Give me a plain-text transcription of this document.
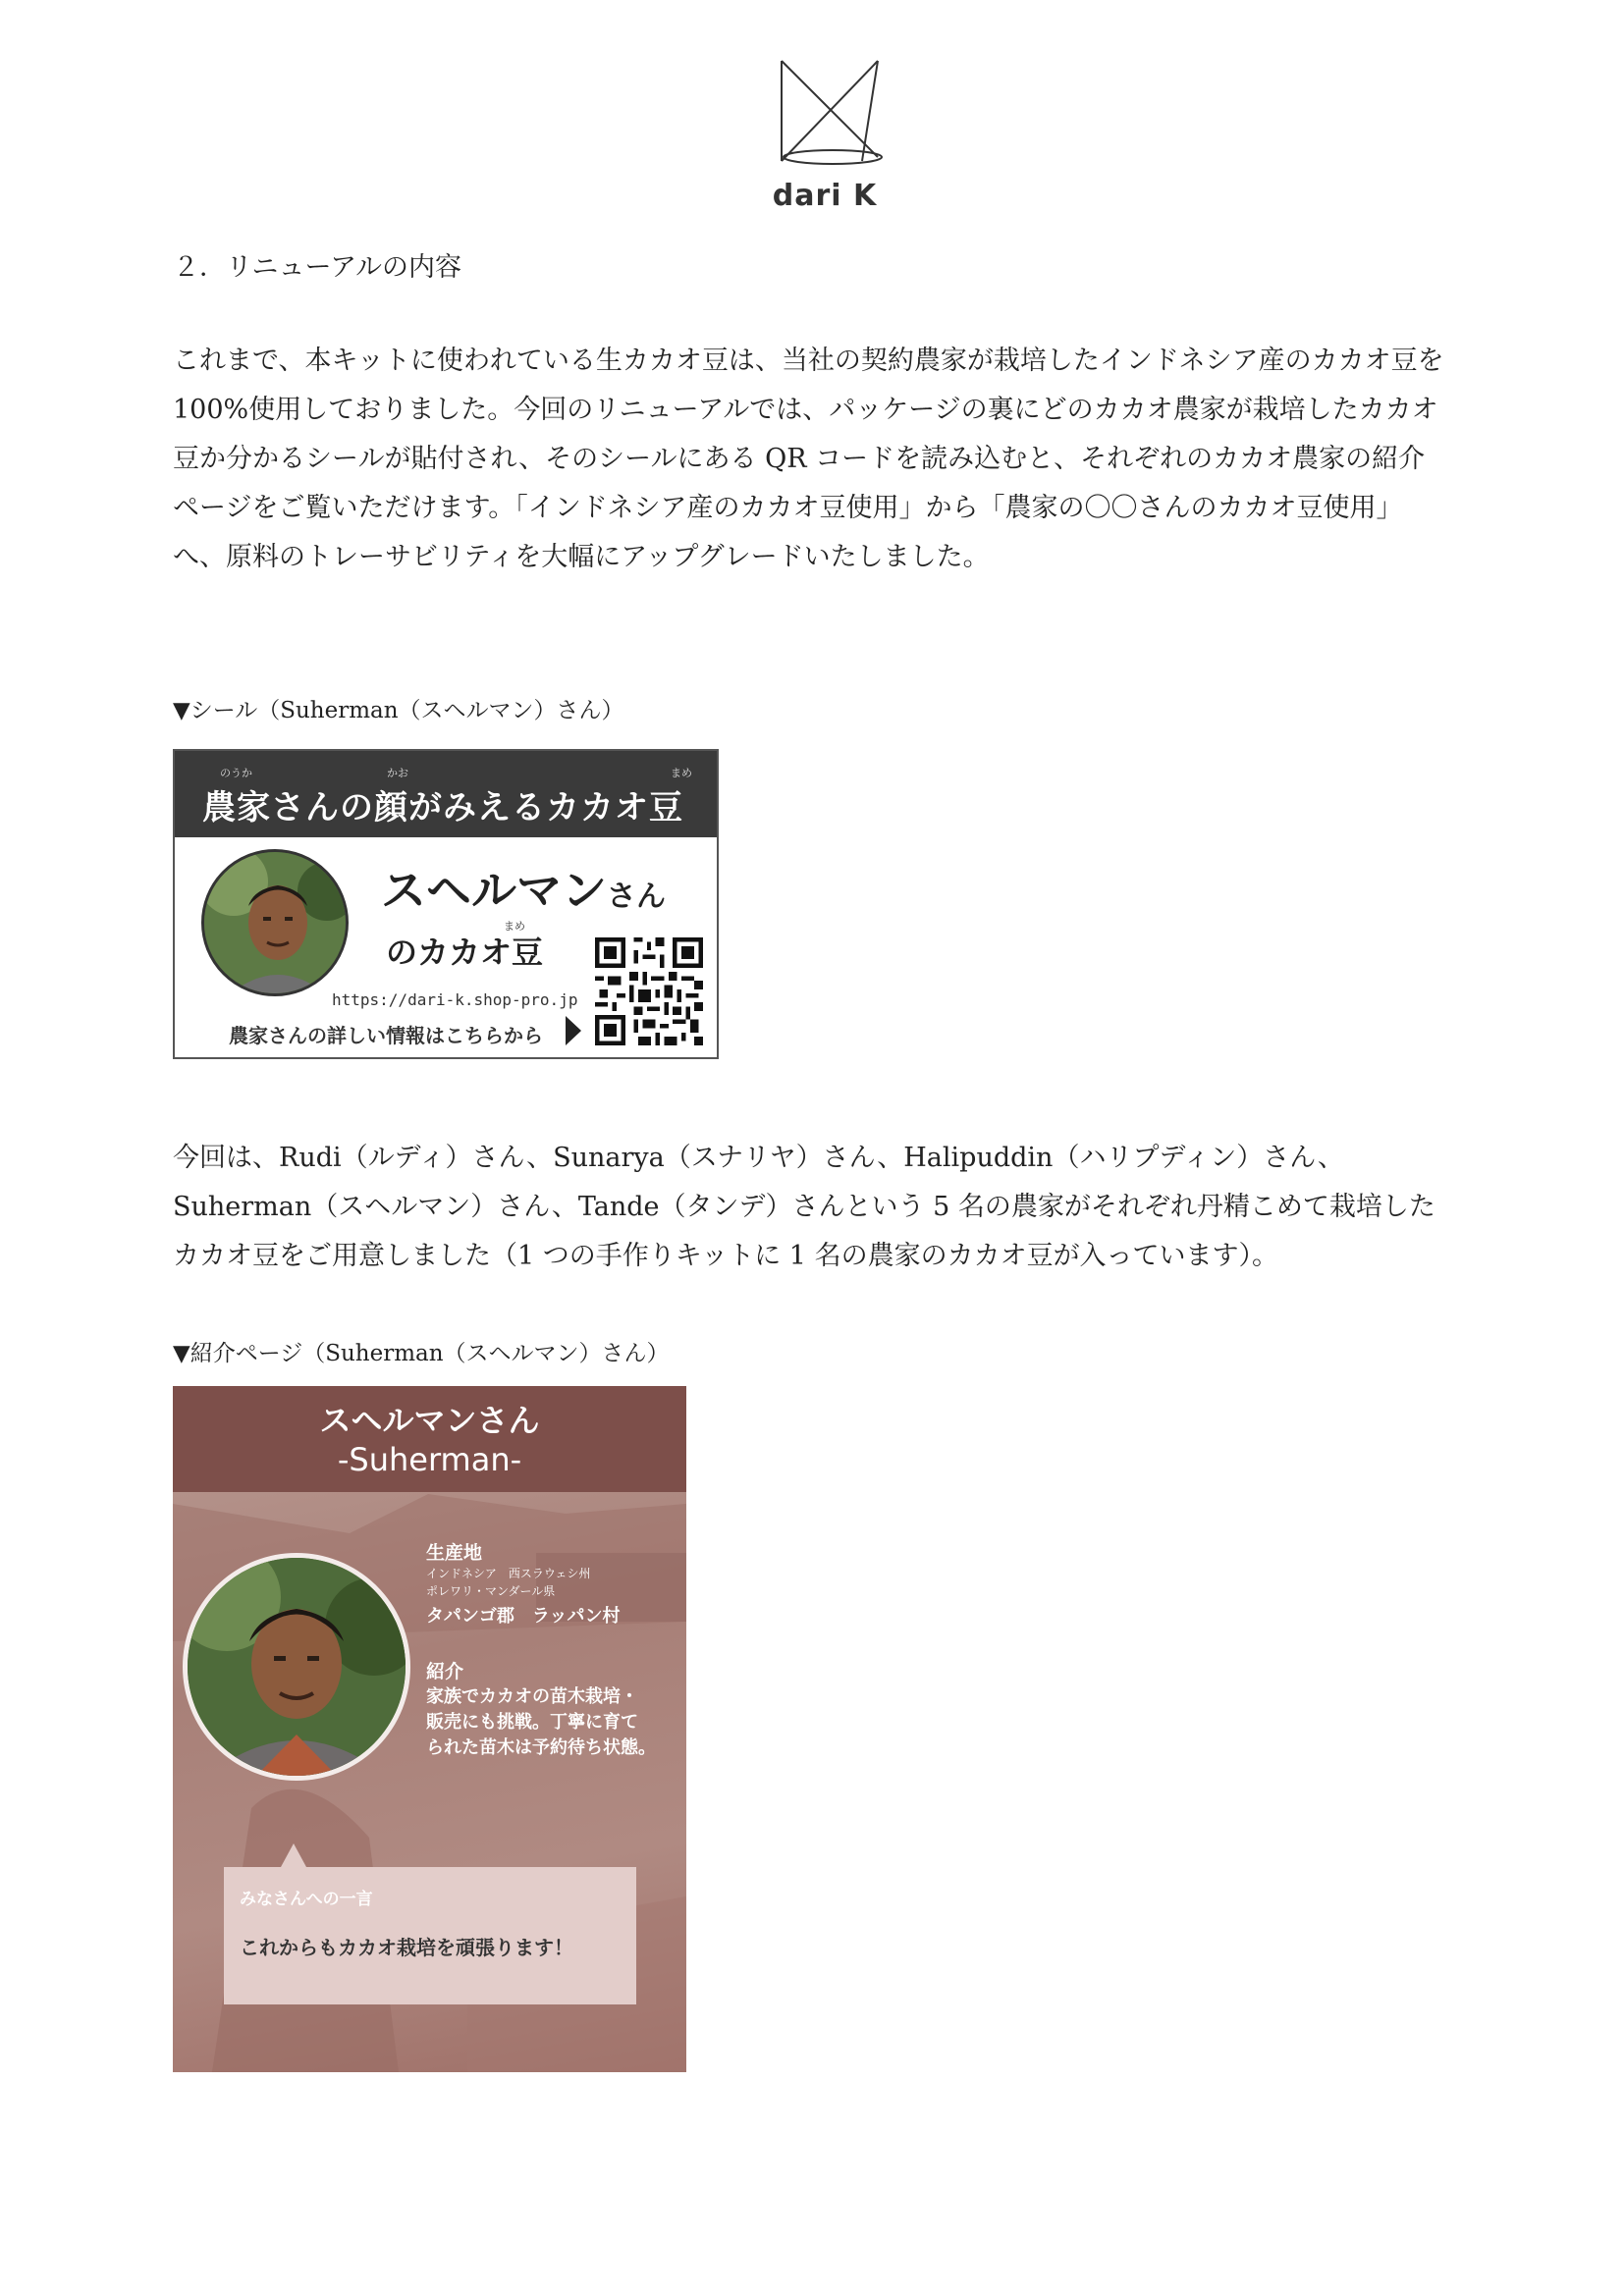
dari K
２．リニューアルの内容

これまで、本キットに使われている生カカオ豆は、当社の契約農家が栽培したインドネシア産のカカオ豆を 100%使用しておりました。今回のリニューアルでは、パッケージの裏にどのカカオ農家が栽培したカカオ豆か分かるシールが貼付され、そのシールにある QR コードを読み込むと、それぞれのカカオ農家の紹介ページをご覧いただけます。「インドネシア産のカカオ豆使用」から「農家の〇〇さんのカカオ豆使用」へ、原料のトレーサビリティを大幅にアップグレードいたしました。

▼シール（Suherman（スヘルマン）さん）
のうか	かお	まめ
農家さんの顔がみえるカカオ豆
スヘルマンさん
まめ
のカカオ豆
https://dari-k.shop-pro.jp
農家さんの詳しい情報はこちらから

今回は、Rudi（ルディ）さん、Sunarya（スナリヤ）さん、Halipuddin（ハリプディン）さん、Suherman（スヘルマン）さん、Tande（タンデ）さんという 5 名の農家がそれぞれ丹精こめて栽培したカカオ豆をご用意しました（1 つの手作りキットに 1 名の農家のカカオ豆が入っています）。

▼紹介ページ（Suherman（スヘルマン）さん）
スヘルマンさん
-Suherman-
生産地
インドネシア　西スラウェシ州
ポレワリ・マンダール県
タパンゴ郡　ラッパン村
紹介
家族でカカオの苗木栽培・
販売にも挑戦。丁寧に育て
られた苗木は予約待ち状態。
みなさんへの一言
これからもカカオ栽培を頑張ります！
